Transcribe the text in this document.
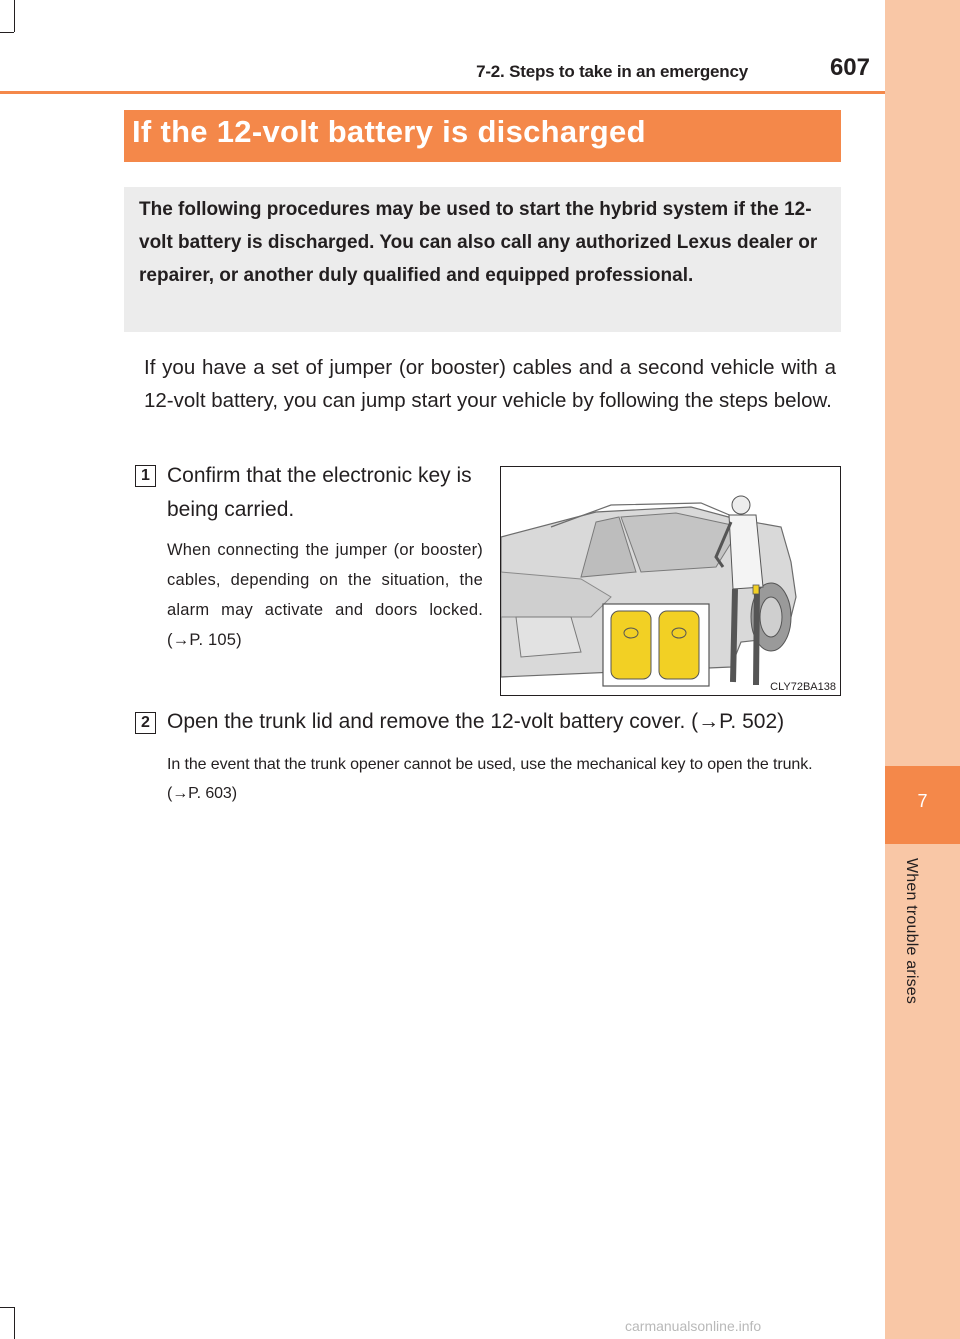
7
When trouble arises
7-2. Steps to take in an emergency	607
If the 12-volt battery is discharged

The following procedures may be used to start the hybrid system if the 12-volt battery is discharged. You can also call any authorized Lexus dealer or repairer, or another duly qualified and equipped professional.

If you have a set of jumper (or booster) cables and a second vehicle with a 12-volt battery, you can jump start your vehicle by following the steps below.

1 Confirm that the electronic key is being carried.

When connecting the jumper (or booster) cables, depending on the situation, the alarm may activate and doors locked. (→P. 105)

CLY72BA138
2 Open the trunk lid and remove the 12-volt battery cover. (→P. 502)

In the event that the trunk opener cannot be used, use the mechanical key to open the trunk. (→P. 603)

carmanualsonline.info
